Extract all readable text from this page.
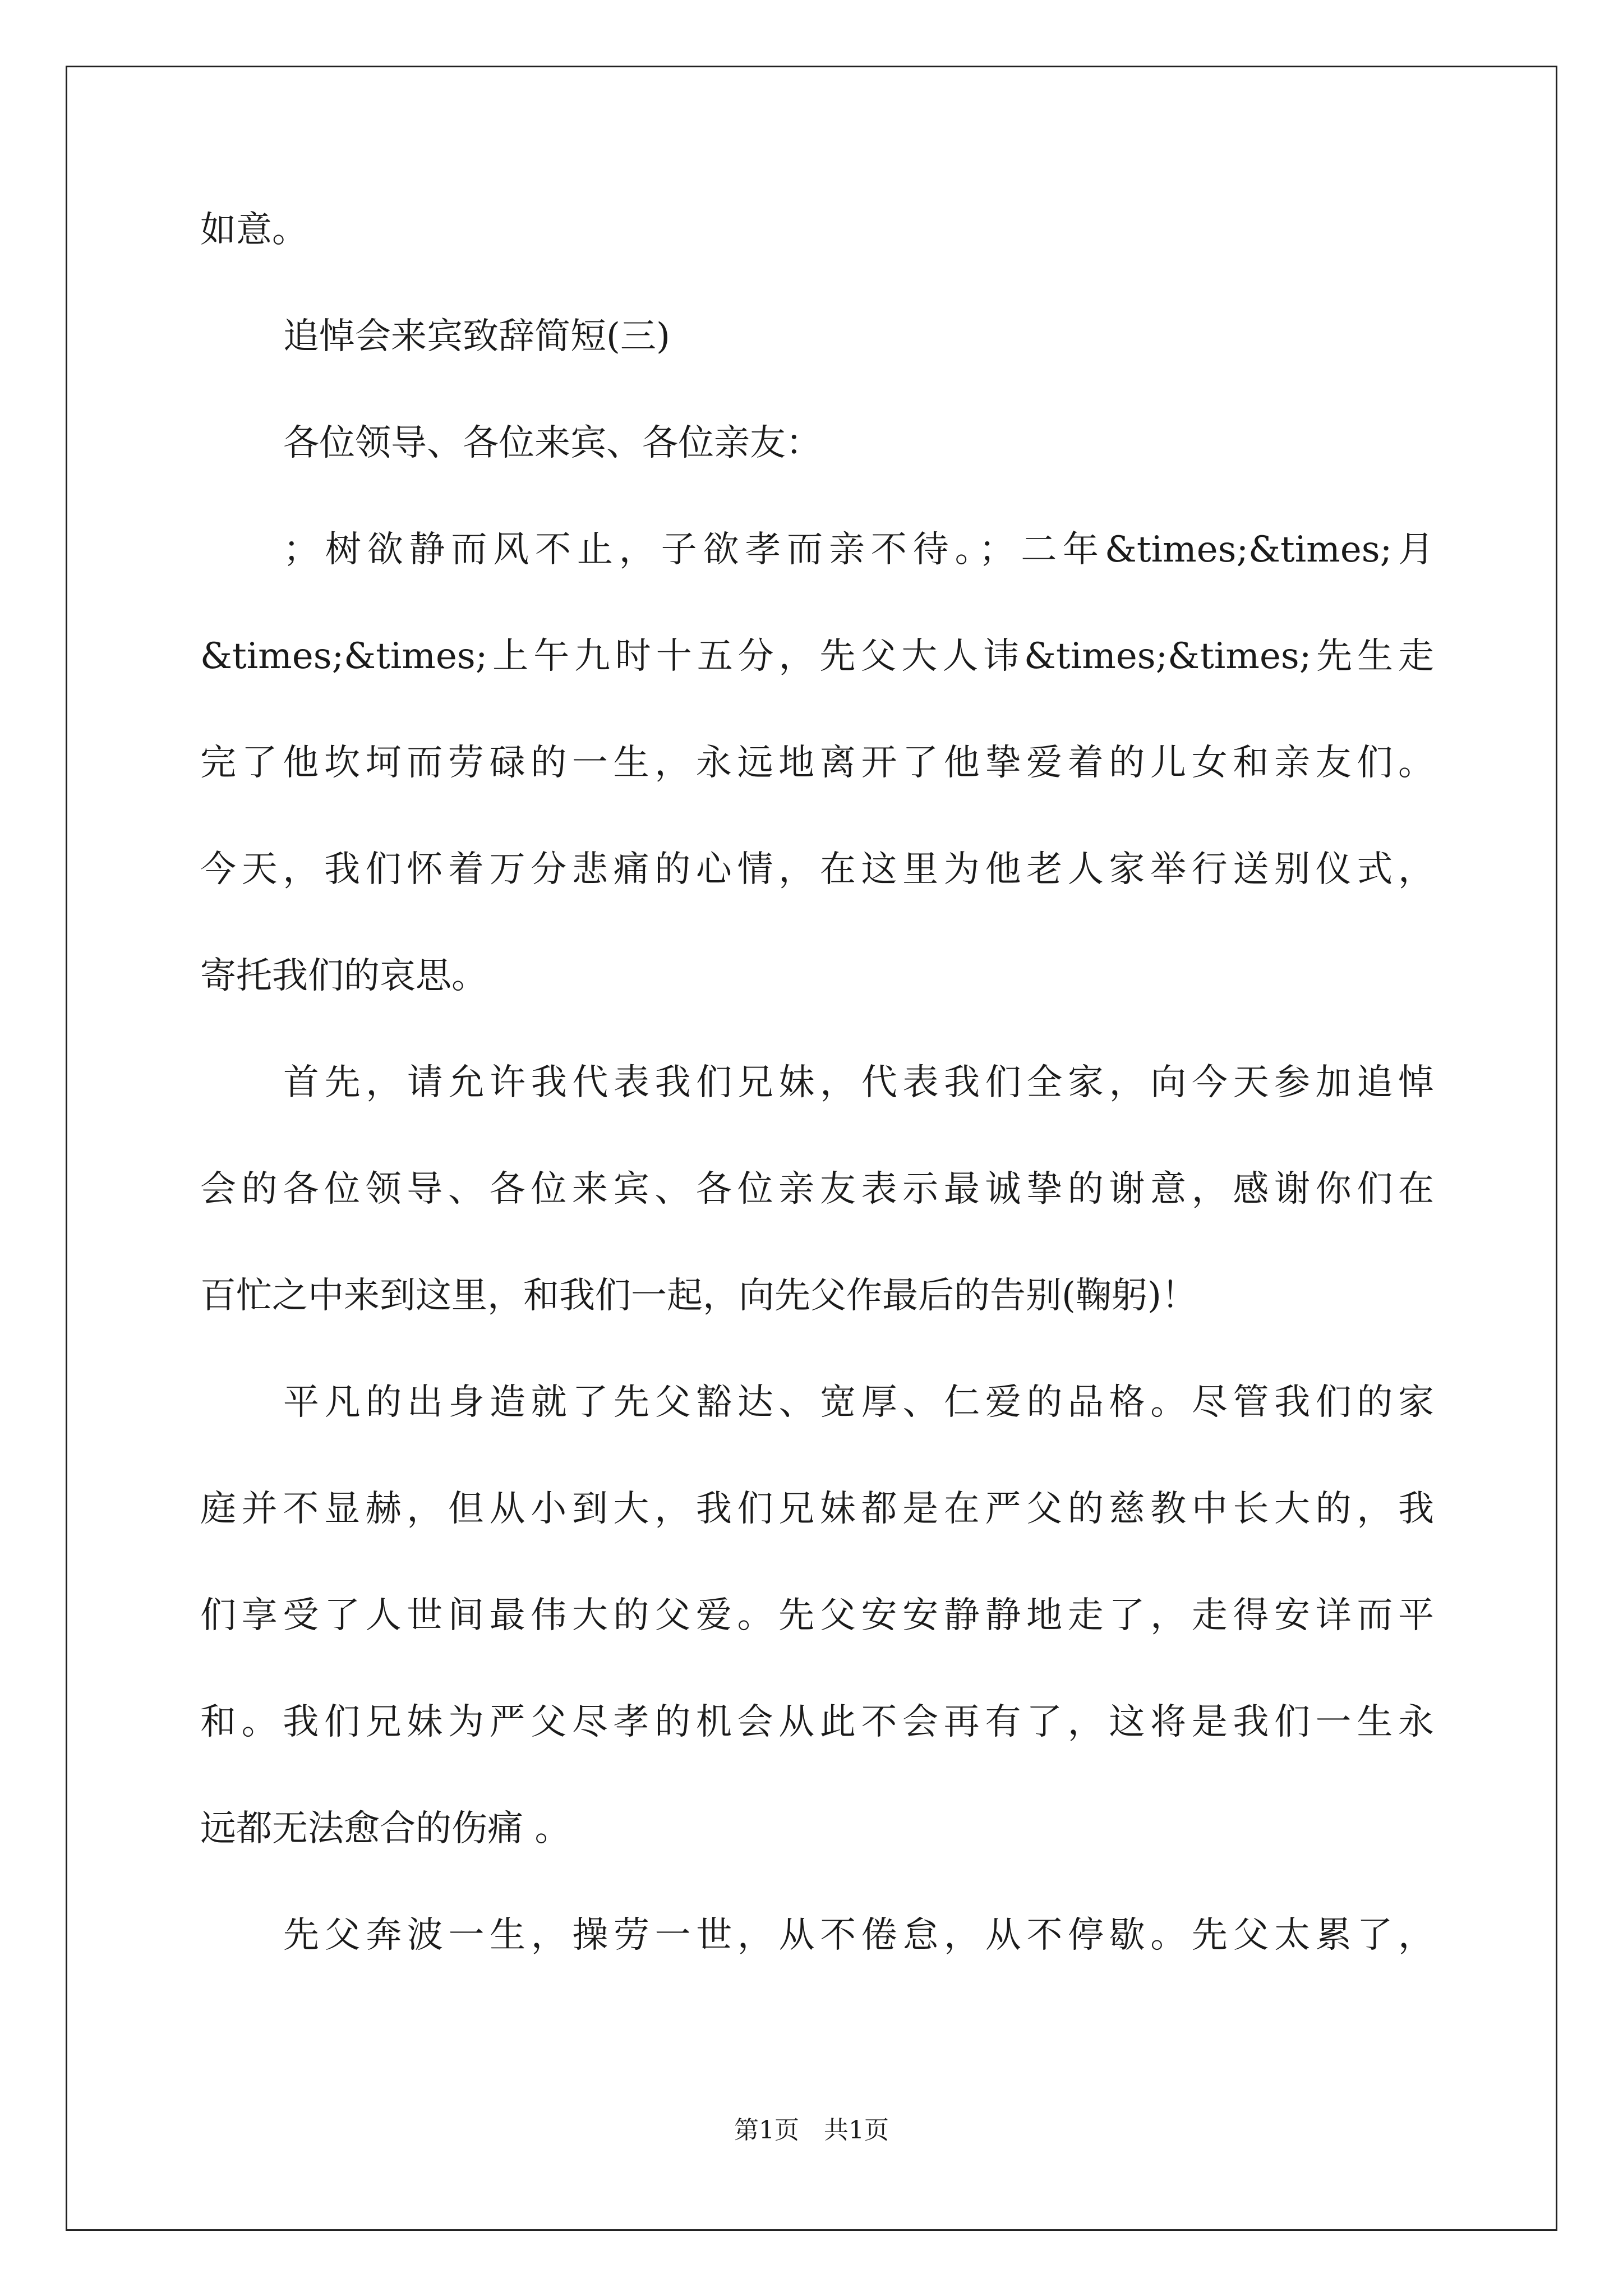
如意。
追悼会来宾致辞简短(三)
各位领导、各位来宾、各位亲友：
；树欲静而风不止，子欲孝而亲不待。；二年&times;&times;月
&times;&times;上午九时十五分，先父大人讳&times;&times;先生走
完了他坎坷而劳碌的一生，永远地离开了他挚爱着的儿女和亲友们。
今天，我们怀着万分悲痛的心情，在这里为他老人家举行送别仪式，
寄托我们的哀思。
首先，请允许我代表我们兄妹，代表我们全家，向今天参加追悼
会的各位领导、各位来宾、各位亲友表示最诚挚的谢意，感谢你们在
百忙之中来到这里，和我们一起，向先父作最后的告别(鞠躬)！
平凡的出身造就了先父豁达、宽厚、仁爱的品格。尽管我们的家
庭并不显赫，但从小到大，我们兄妹都是在严父的慈教中长大的，我
们享受了人世间最伟大的父爱。先父安安静静地走了，走得安详而平
和。我们兄妹为严父尽孝的机会从此不会再有了，这将是我们一生永
远都无法愈合的伤痛 。
先父奔波一生，操劳一世，从不倦怠，从不停歇。先父太累了，
第1页　共1页
